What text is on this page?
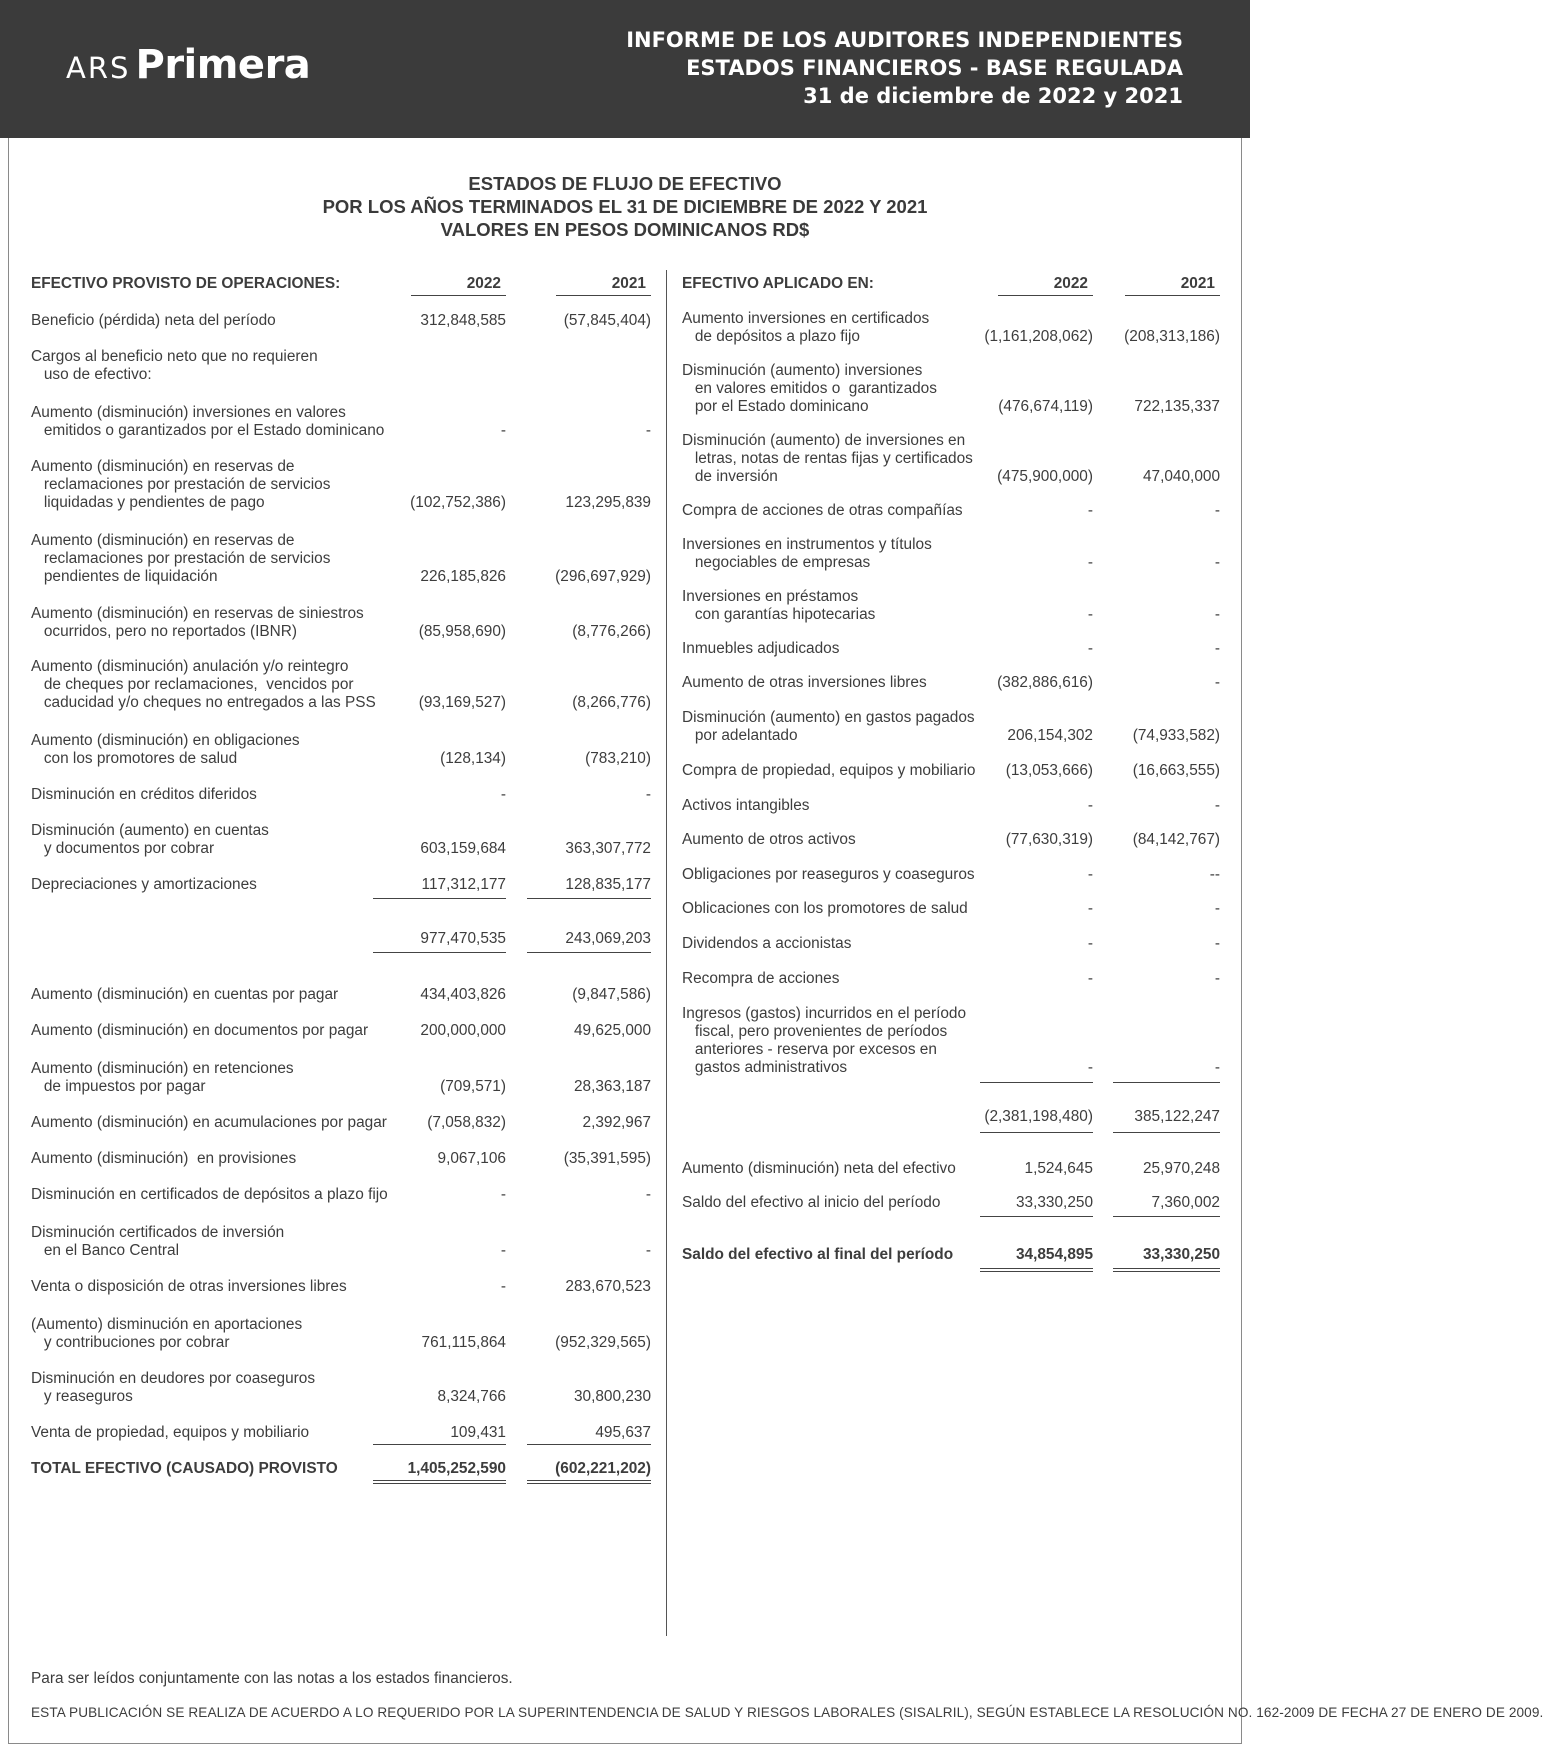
ARS Primera
INFORME DE LOS AUDITORES INDEPENDIENTES
ESTADOS FINANCIEROS - BASE REGULADA
31 de diciembre de 2022 y 2021
ESTADOS DE FLUJO DE EFECTIVO
POR LOS AÑOS TERMINADOS EL 31 DE DICIEMBRE DE 2022 Y 2021
VALORES EN PESOS DOMINICANOS RD$
EFECTIVO PROVISTO DE OPERACIONES:	2022	2021
Beneficio (pérdida) neta del período	312,848,585	(57,845,404)
Cargos al beneficio neto que no requieren
uso de efectivo:
Aumento (disminución) inversiones en valores
emitidos o garantizados por el Estado dominicano	-	-
Aumento (disminución) en reservas de
reclamaciones por prestación de servicios
liquidadas y pendientes de pago	(102,752,386)	123,295,839
Aumento (disminución) en reservas de
reclamaciones por prestación de servicios
pendientes de liquidación	226,185,826	(296,697,929)
Aumento (disminución) en reservas de siniestros
ocurridos, pero no reportados (IBNR)	(85,958,690)	(8,776,266)
Aumento (disminución) anulación y/o reintegro
de cheques por reclamaciones,  vencidos por
caducidad y/o cheques no entregados a las PSS	(93,169,527)	(8,266,776)
Aumento (disminución) en obligaciones
con los promotores de salud	(128,134)	(783,210)
Disminución en créditos diferidos	-	-
Disminución (aumento) en cuentas
y documentos por cobrar	603,159,684	363,307,772
Depreciaciones y amortizaciones	117,312,177	128,835,177
977,470,535	243,069,203
Aumento (disminución) en cuentas por pagar	434,403,826	(9,847,586)
Aumento (disminución) en documentos por pagar	200,000,000	49,625,000
Aumento (disminución) en retenciones
de impuestos por pagar	(709,571)	28,363,187
Aumento (disminución) en acumulaciones por pagar	(7,058,832)	2,392,967
Aumento (disminución)  en provisiones	9,067,106	(35,391,595)
Disminución en certificados de depósitos a plazo fijo	-	-
Disminución certificados de inversión
en el Banco Central	-	-
Venta o disposición de otras inversiones libres	-	283,670,523
(Aumento) disminución en aportaciones
y contribuciones por cobrar	761,115,864	(952,329,565)
Disminución en deudores por coaseguros
y reaseguros	8,324,766	30,800,230
Venta de propiedad, equipos y mobiliario	109,431	495,637
TOTAL EFECTIVO (CAUSADO) PROVISTO	1,405,252,590	(602,221,202)
EFECTIVO APLICADO EN:	2022	2021
Aumento inversiones en certificados
de depósitos a plazo fijo	(1,161,208,062)	(208,313,186)
Disminución (aumento) inversiones
en valores emitidos o  garantizados
por el Estado dominicano	(476,674,119)	722,135,337
Disminución (aumento) de inversiones en
letras, notas de rentas fijas y certificados
de inversión	(475,900,000)	47,040,000
Compra de acciones de otras compañías	-	-
Inversiones en instrumentos y títulos
negociables de empresas	-	-
Inversiones en préstamos
con garantías hipotecarias	-	-
Inmuebles adjudicados	-	-
Aumento de otras inversiones libres	(382,886,616)	-
Disminución (aumento) en gastos pagados
por adelantado	206,154,302	(74,933,582)
Compra de propiedad, equipos y mobiliario	(13,053,666)	(16,663,555)
Activos intangibles	-	-
Aumento de otros activos	(77,630,319)	(84,142,767)
Obligaciones por reaseguros y coaseguros	-	--
Oblicaciones con los promotores de salud	-	-
Dividendos a accionistas	-	-
Recompra de acciones	-	-
Ingresos (gastos) incurridos en el período
fiscal, pero provenientes de períodos
anteriores - reserva por excesos en
gastos administrativos	-	-
(2,381,198,480)	385,122,247
Aumento (disminución) neta del efectivo	1,524,645	25,970,248
Saldo del efectivo al inicio del período	33,330,250	7,360,002
Saldo del efectivo al final del período	34,854,895	33,330,250
Para ser leídos conjuntamente con las notas a los estados financieros.
ESTA PUBLICACIÓN SE REALIZA DE ACUERDO A LO REQUERIDO POR LA SUPERINTENDENCIA DE SALUD Y RIESGOS LABORALES (SISALRIL), SEGÚN ESTABLECE LA RESOLUCIÓN NO. 162-2009 DE FECHA 27 DE ENERO DE 2009.
